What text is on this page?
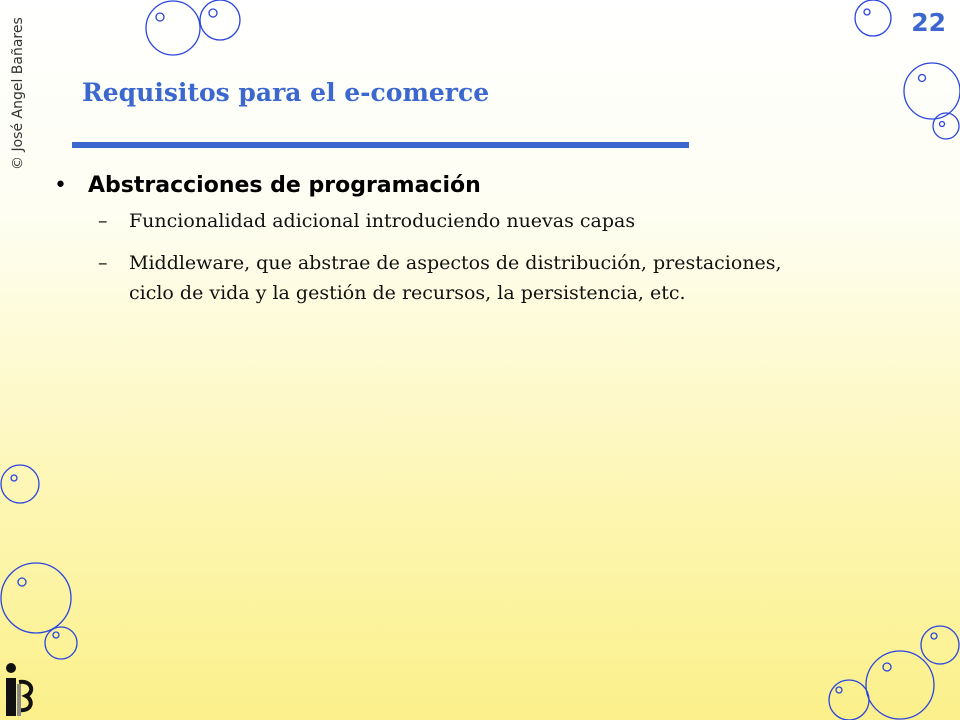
© José Angel Bañares	22
Requisitos para el e-comerce
• Abstracciones de programación
– Funcionalidad adicional introduciendo nuevas capas
– Middleware, que abstrae de aspectos de distribución, prestaciones, ciclo de vida y la gestión de recursos, la persistencia, etc.
